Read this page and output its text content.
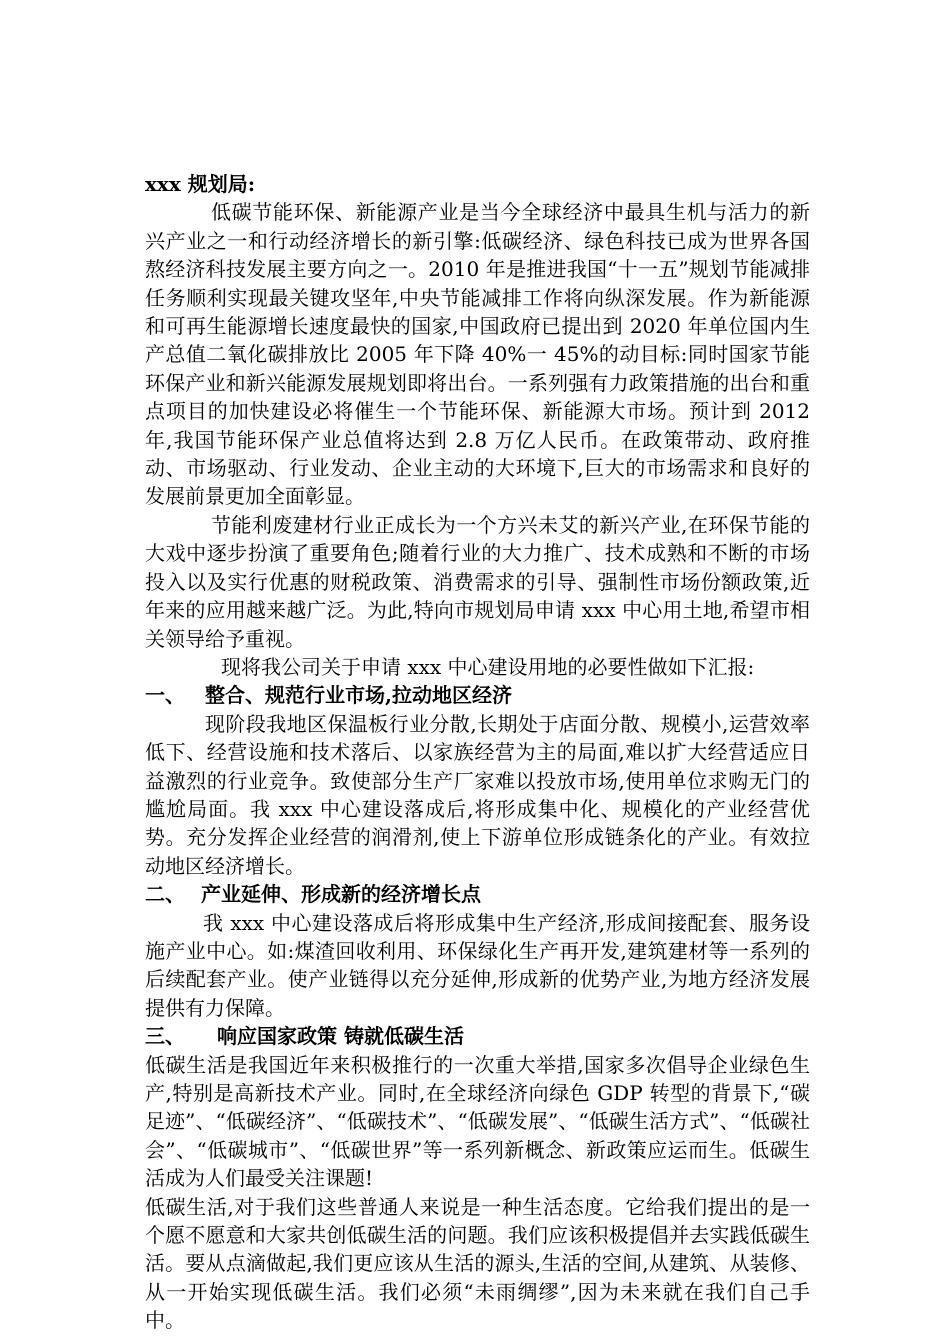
xxx 规划局:

低碳节能环保、新能源产业是当今全球经济中最具生机与活力的新兴产业之一和行动经济增长的新引擎:低碳经济、绿色科技已成为世界各国熬经济科技发展主要方向之一。2010 年是推进我国“十一五”规划节能减排任务顺利实现最关键攻坚年,中央节能减排工作将向纵深发展。作为新能源和可再生能源增长速度最快的国家,中国政府已提出到 2020 年单位国内生产总值二氧化碳排放比 2005 年下降 40%一 45%的动目标:同时国家节能环保产业和新兴能源发展规划即将出台。一系列强有力政策措施的出台和重点项目的加快建设必将催生一个节能环保、新能源大市场。预计到 2012 年,我国节能环保产业总值将达到 2.8 万亿人民币。在政策带动、政府推动、市场驱动、行业发动、企业主动的大环境下,巨大的市场需求和良好的发展前景更加全面彰显。

节能利废建材行业正成长为一个方兴未艾的新兴产业,在环保节能的大戏中逐步扮演了重要角色;随着行业的大力推广、技术成熟和不断的市场投入以及实行优惠的财税政策、消费需求的引导、强制性市场份额政策,近年来的应用越来越广泛。为此,特向市规划局申请 xxx 中心用土地,希望市相关领导给予重视。

现将我公司关于申请 xxx 中心建设用地的必要性做如下汇报:

一、	整合、规范行业市场,拉动地区经济

现阶段我地区保温板行业分散,长期处于店面分散、规模小,运营效率低下、经营设施和技术落后、以家族经营为主的局面,难以扩大经营适应日益激烈的行业竞争。致使部分生产厂家难以投放市场,使用单位求购无门的尴尬局面。我 xxx 中心建设落成后,将形成集中化、规模化的产业经营优势。充分发挥企业经营的润滑剂,使上下游单位形成链条化的产业。有效拉动地区经济增长。

二、 产业延伸、形成新的经济增长点

我 xxx 中心建设落成后将形成集中生产经济,形成间接配套、服务设施产业中心。如:煤渣回收利用、环保绿化生产再开发,建筑建材等一系列的后续配套产业。使产业链得以充分延伸,形成新的优势产业,为地方经济发展提供有力保障。

三、	响应国家政策 铸就低碳生活

低碳生活是我国近年来积极推行的一次重大举措,国家多次倡导企业绿色生产,特别是高新技术产业。同时,在全球经济向绿色 GDP 转型的背景下,“碳足迹”、“低碳经济”、“低碳技术”、“低碳发展”、“低碳生活方式”、“低碳社会”、“低碳城市”、“低碳世界”等一系列新概念、新政策应运而生。低碳生活成为人们最受关注课题!

低碳生活,对于我们这些普通人来说是一种生活态度。它给我们提出的是一个愿不愿意和大家共创低碳生活的问题。我们应该积极提倡并去实践低碳生活。要从点滴做起,我们更应该从生活的源头,生活的空间,从建筑、从装修、从一开始实现低碳生活。我们必须“未雨绸缪”,因为未来就在我们自己手中。
